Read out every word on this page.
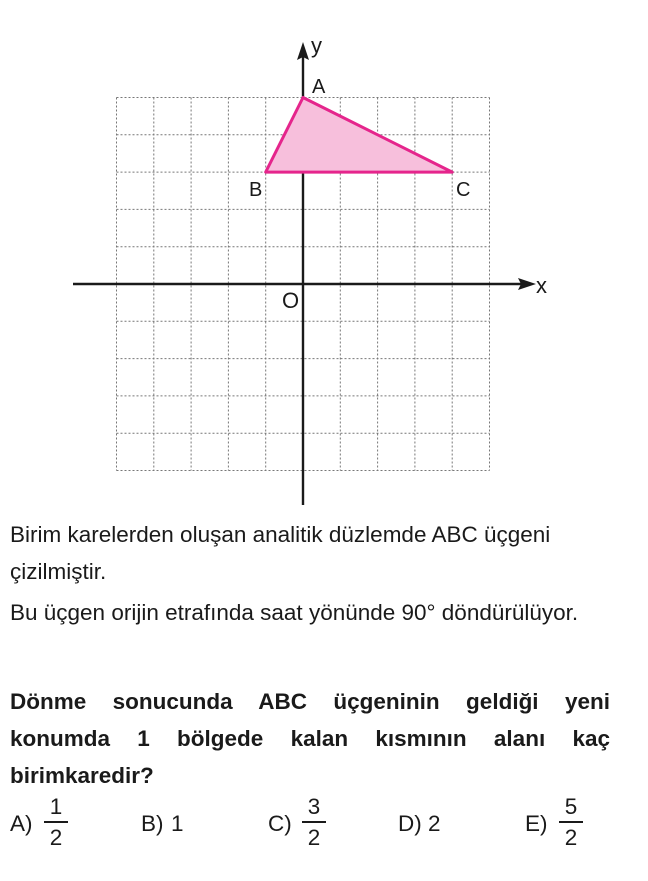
x
y
O
A
B	C

Birim karelerden oluşan analitik düzlemde ABC üçgeni çizilmiştir.

Bu üçgen orijin etrafında saat yönünde 90° döndürülüyor.

Dönme sonucunda ABC üçgeninin geldiği yeni konumda 1 bölgede kalan kısmının alanı kaç birimkaredir?

A)
1
2
B) 1	C)
3
2
D) 2	E)
5
2
